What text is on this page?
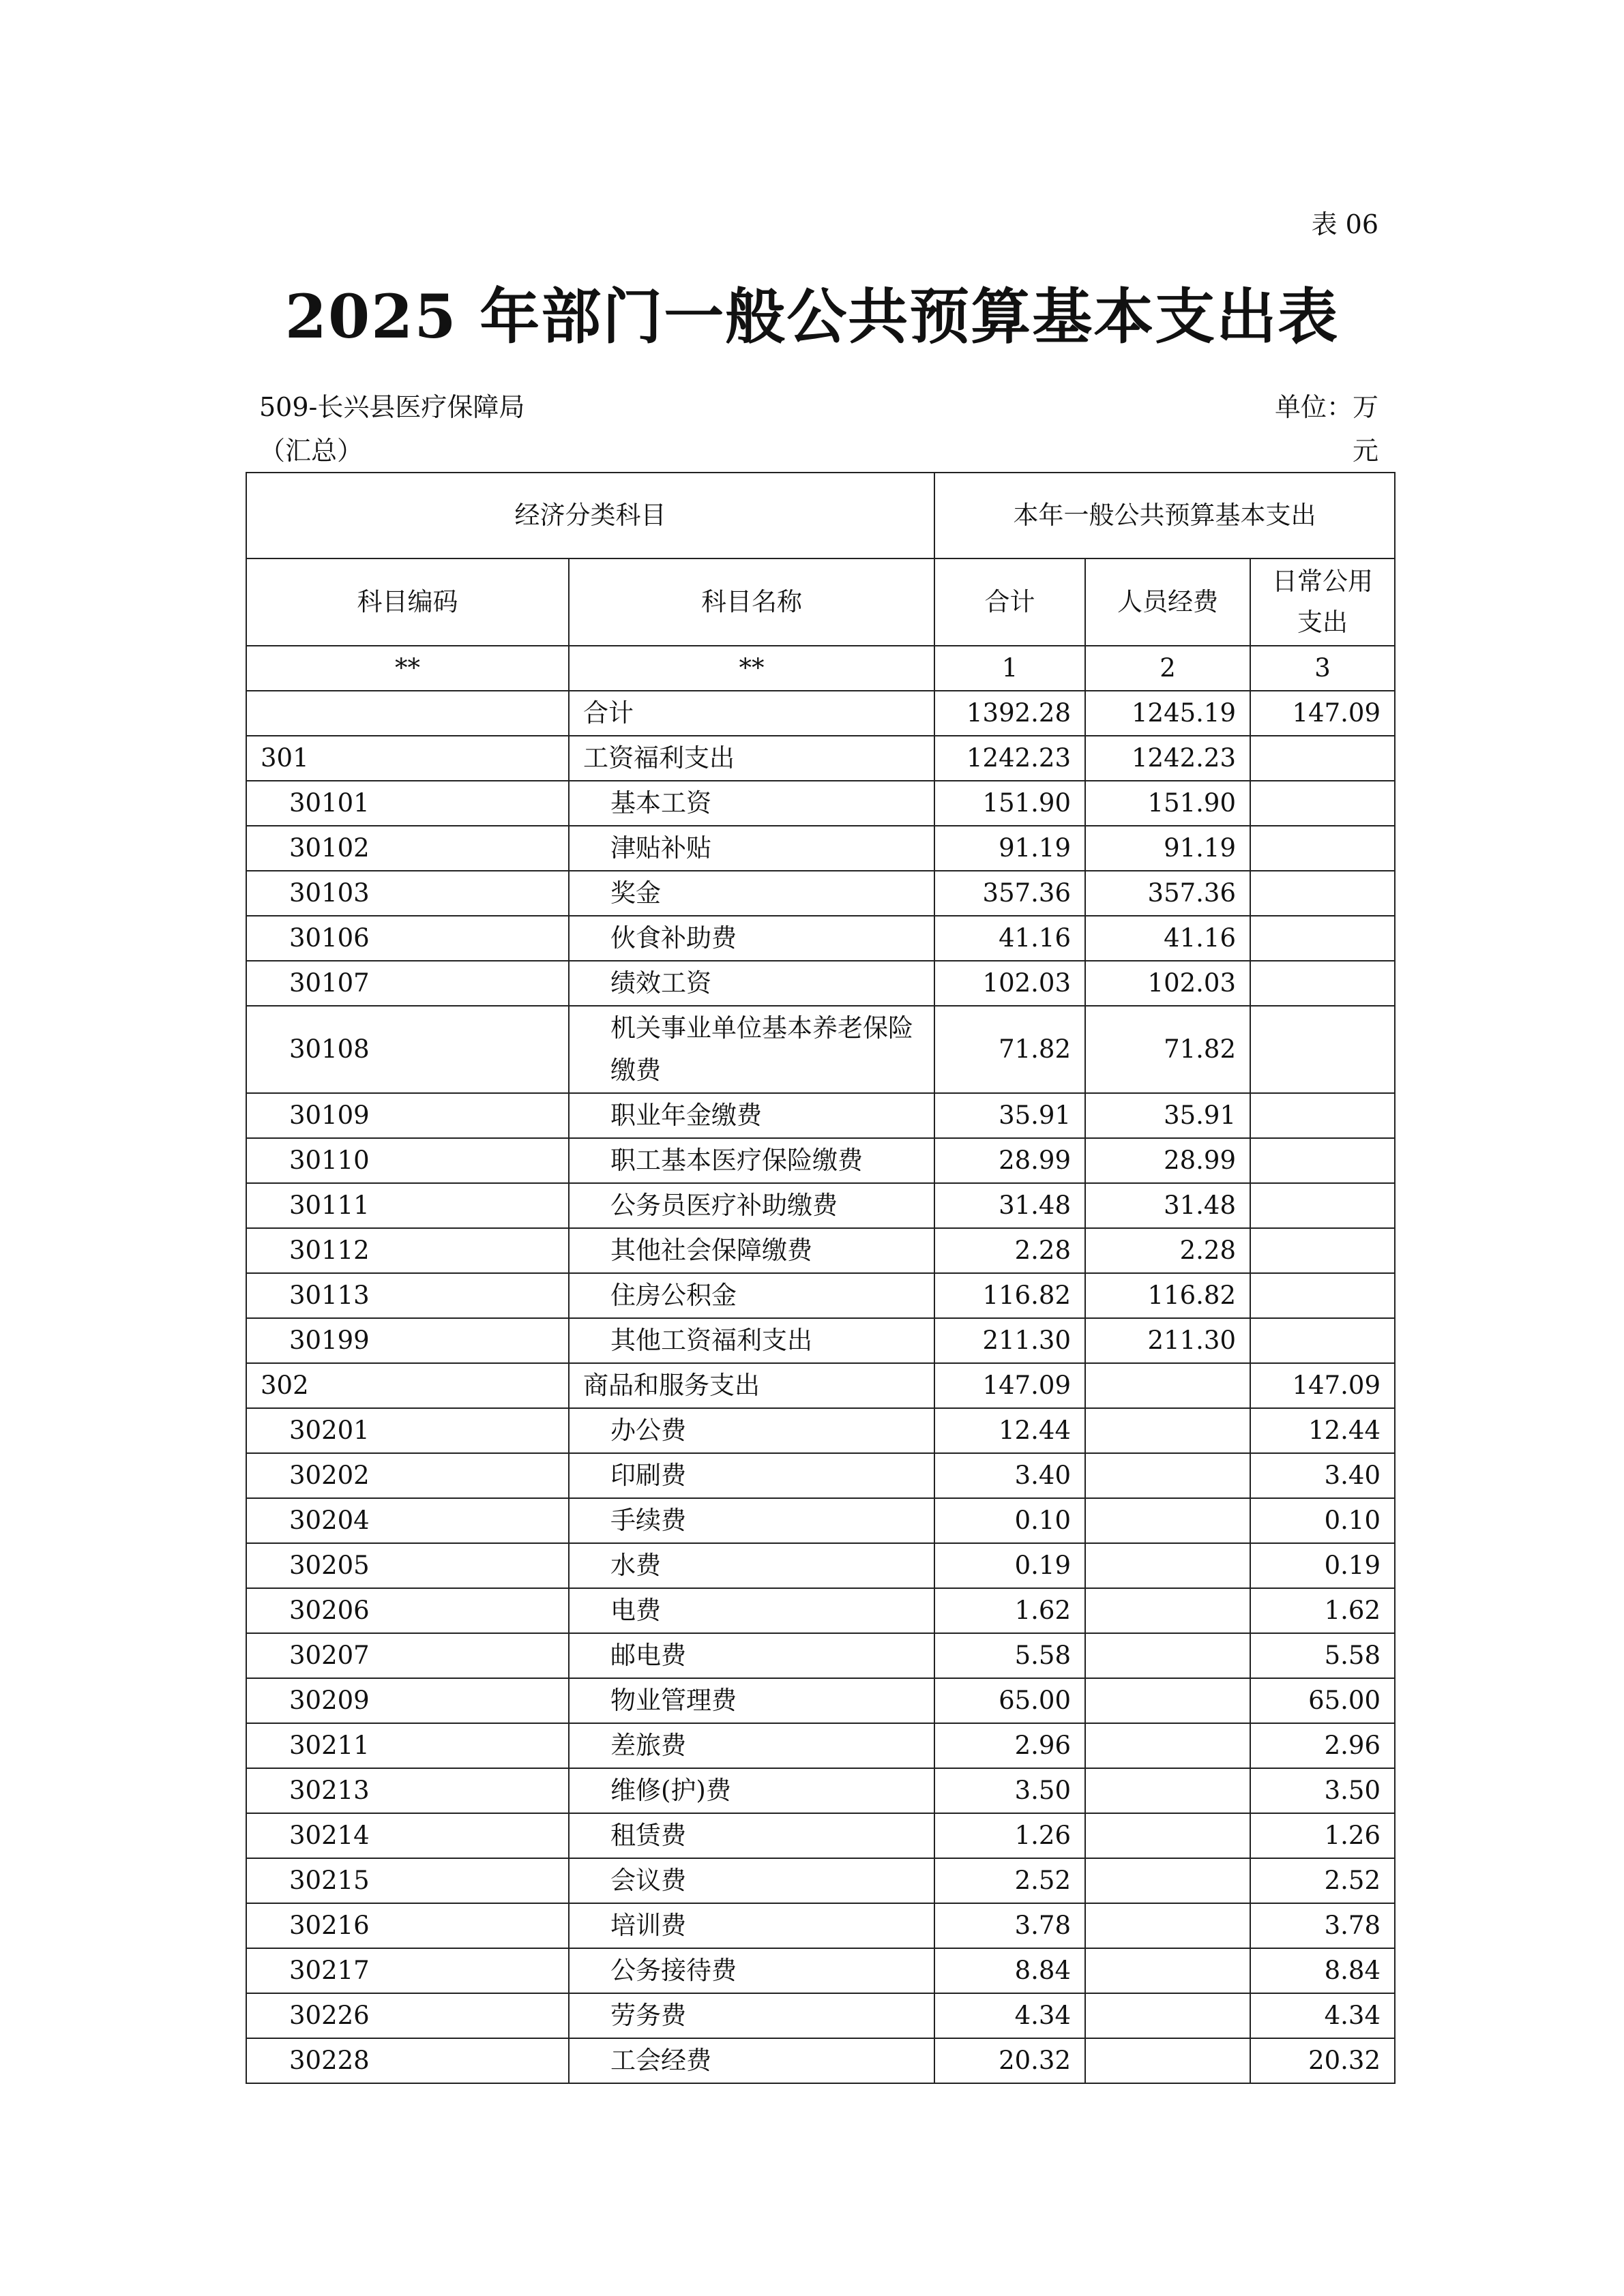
表 06
2025 年部门一般公共预算基本支出表
509-长兴县医疗保障局
（汇总）
单位：万
元
经济分类科目		本年一般公共预算基本支出		
科目编码	科目名称	合计	人员经费	日常公用支出
**	**	1	2	3
	合计	1392.28	1245.19	147.09
301	工资福利支出	1242.23	1242.23	
30101	基本工资	151.90	151.90	
30102	津贴补贴	91.19	91.19	
30103	奖金	357.36	357.36	
30106	伙食补助费	41.16	41.16	
30107	绩效工资	102.03	102.03	
30108	机关事业单位基本养老保险缴费	71.82	71.82	
30109	职业年金缴费	35.91	35.91	
30110	职工基本医疗保险缴费	28.99	28.99	
30111	公务员医疗补助缴费	31.48	31.48	
30112	其他社会保障缴费	2.28	2.28	
30113	住房公积金	116.82	116.82	
30199	其他工资福利支出	211.30	211.30	
302	商品和服务支出	147.09		147.09
30201	办公费	12.44		12.44
30202	印刷费	3.40		3.40
30204	手续费	0.10		0.10
30205	水费	0.19		0.19
30206	电费	1.62		1.62
30207	邮电费	5.58		5.58
30209	物业管理费	65.00		65.00
30211	差旅费	2.96		2.96
30213	维修(护)费	3.50		3.50
30214	租赁费	1.26		1.26
30215	会议费	2.52		2.52
30216	培训费	3.78		3.78
30217	公务接待费	8.84		8.84
30226	劳务费	4.34		4.34
30228	工会经费	20.32		20.32
